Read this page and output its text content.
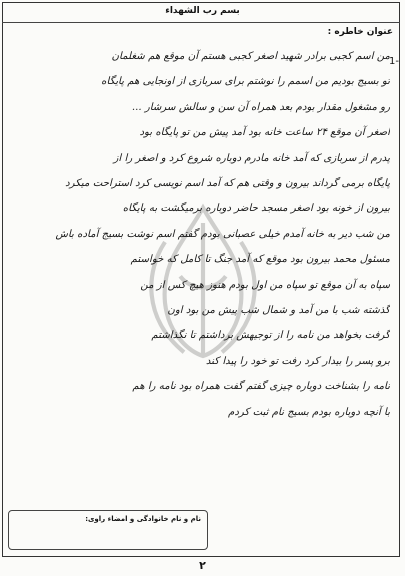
بسم رب الشهداء
عنوان خاطره :
1-
من اسم کجبی برادر شهید اصغر کجبی هستم آن موقع هم شغلمان
تو بسیج بودیم من اسمم را نوشتم برای سربازی از اونجایی هم پایگاه
رو مشغول مقدار بودم بعد همراه آن سن و سالش سرشار ...
اصغر آن موقع ۲۴ ساعت خانه بود آمد پیش من تو پایگاه بود
پدرم از سربازی که آمد خانه مادرم دوباره شروع کرد و اصغر را از
پایگاه برمی گرداند بیرون و وقتی هم که آمد اسم نویسی کرد استراحت میکرد
بیرون از خونه بود اصغر مسجد حاضر دوباره برمیگشت به پایگاه
من شب دیر به خانه آمدم خیلی عصبانی بودم گفتم اسم نوشت بسیج آماده باش
مسئول محمد بیرون بود موقع که آمد جنگ تا کامل که خواستم
سپاه به آن موقع تو سپاه من اول بودم هنوز هیچ کس از من
گذشته شب با من آمد و شمال شب پیش من بود اون
گرفت بخواهد من نامه را از توجیهش برداشتم تا نگذاشتم
برو پسر را بیدار کرد رفت تو خود را پیدا کند
نامه را بشناخت دوباره چیزی گفتم گفت همراه بود نامه را هم
با آنچه دوباره بودم بسیج نام ثبت کردم
نام و نام خانوادگی و امضاء راوی:
٢
